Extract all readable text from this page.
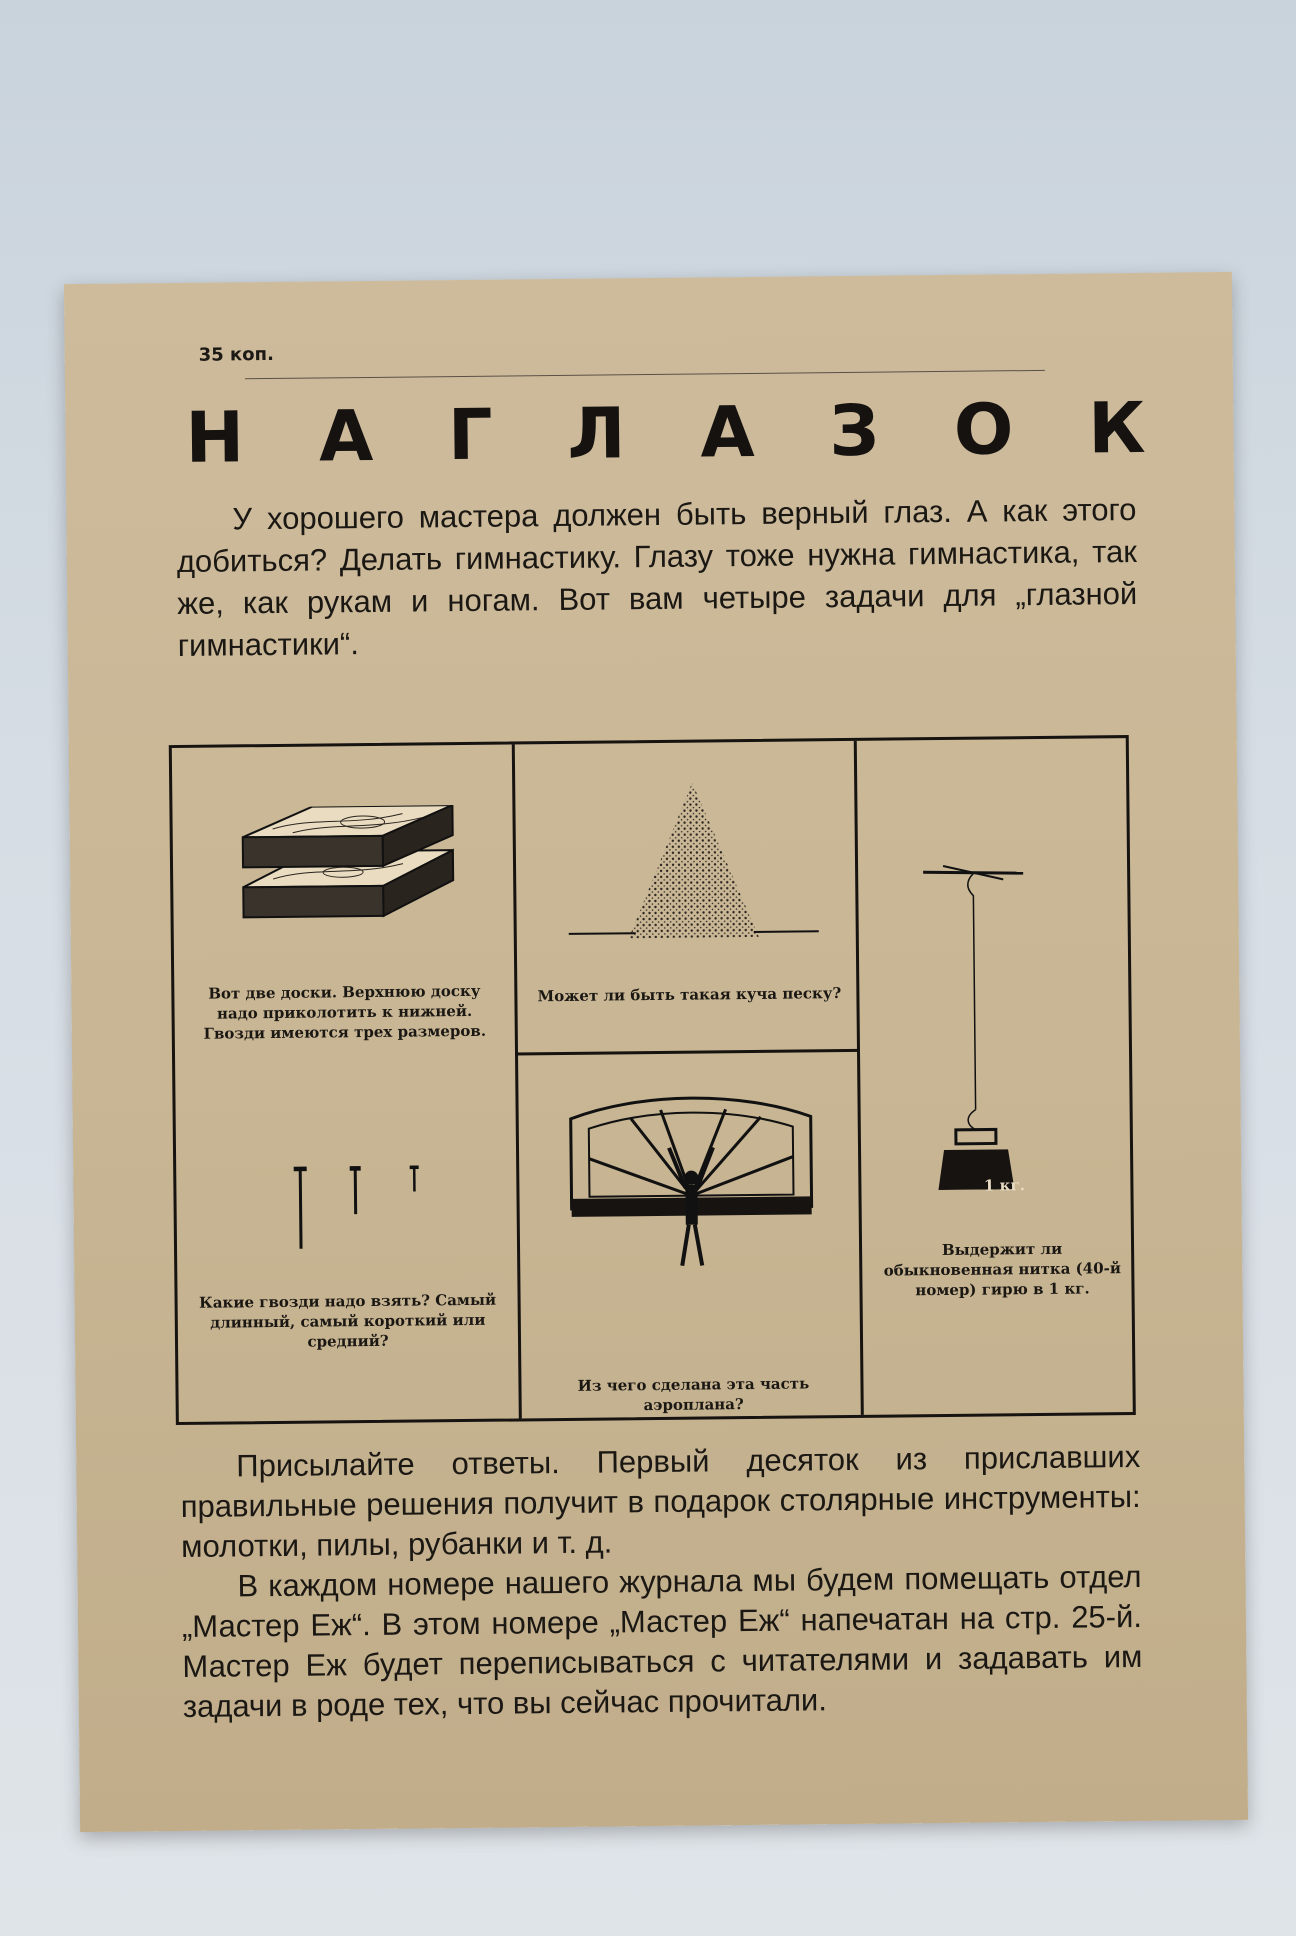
35 коп.
Н А Г Л А З О К

У хорошего мастера должен быть верный глаз. А как этого добиться? Делать гимнастику. Глазу тоже нужна гимнастика, так же, как рукам и ногам. Вот вам четыре задачи для „глазной гимнастики“.

Вот две доски. Верхнюю доску надо приколотить к нижней. Гвозди имеются трех размеров.
Какие гвозди надо взять? Самый длинный, самый короткий или средний?
Может ли быть такая куча песку?
Из чего сделана эта часть аэроплана?
1 кг.
Выдержит ли обыкновенная нитка (40-й номер) гирю в 1 кг.

Присылайте ответы. Первый десяток из приславших правильные решения получит в подарок столярные инструменты: молотки, пилы, рубанки и т. д.

В каждом номере нашего журнала мы будем помещать отдел „Мастер Еж“. В этом номере „Мастер Еж“ напечатан на стр. 25-й. Мастер Еж будет переписываться с читателями и задавать им задачи в роде тех, что вы сейчас прочитали.
